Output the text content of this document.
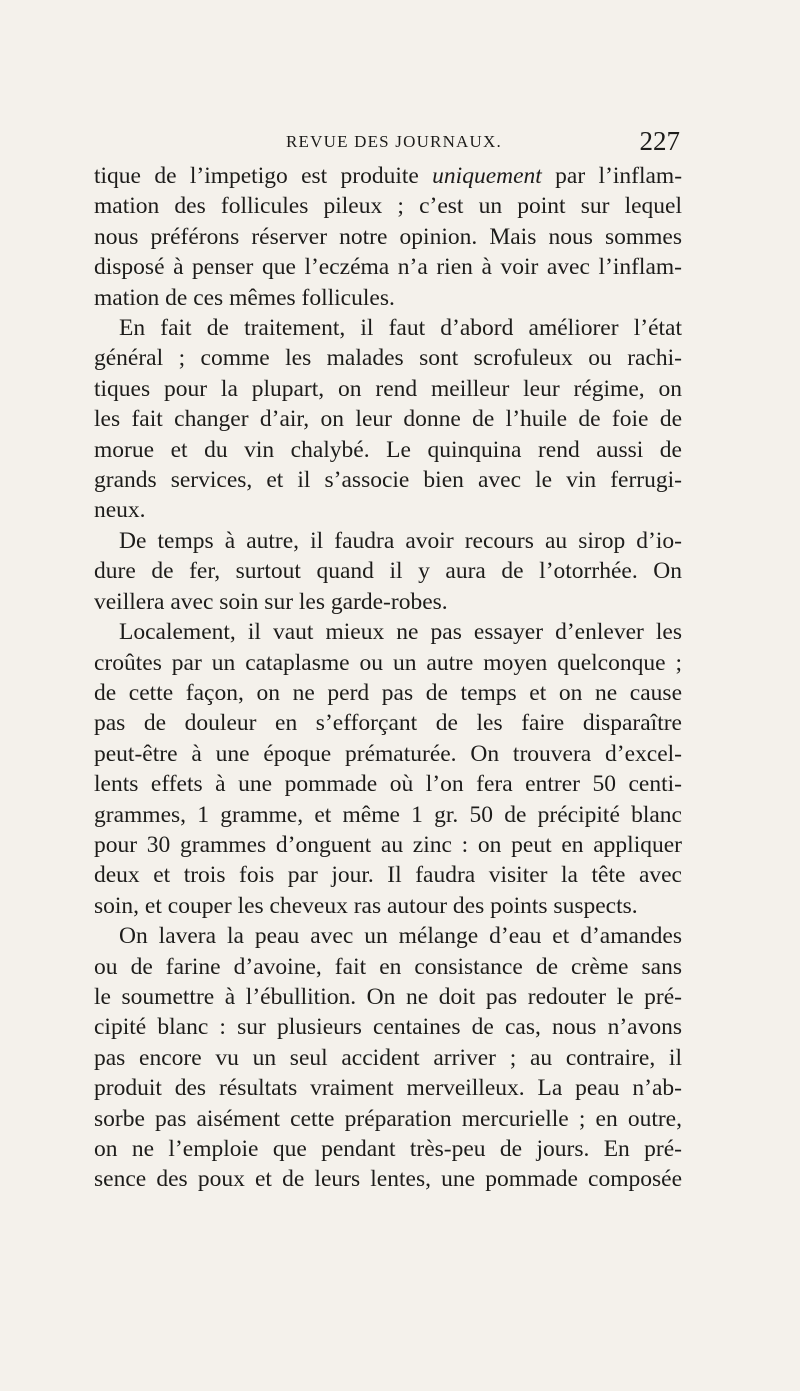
REVUE DES JOURNAUX.	227

tique de l’impetigo est produite uniquement par l’inflam-
mation des follicules pileux ; c’est un point sur lequel
nous préférons réserver notre opinion. Mais nous sommes
disposé à penser que l’eczéma n’a rien à voir avec l’inflam-
mation de ces mêmes follicules.

En fait de traitement, il faut d’abord améliorer l’état
général ; comme les malades sont scrofuleux ou rachi-
tiques pour la plupart, on rend meilleur leur régime, on
les fait changer d’air, on leur donne de l’huile de foie de
morue et du vin chalybé. Le quinquina rend aussi de
grands services, et il s’associe bien avec le vin ferrugi-
neux.

De temps à autre, il faudra avoir recours au sirop d’io-
dure de fer, surtout quand il y aura de l’otorrhée. On
veillera avec soin sur les garde-robes.

Localement, il vaut mieux ne pas essayer d’enlever les
croûtes par un cataplasme ou un autre moyen quelconque ;
de cette façon, on ne perd pas de temps et on ne cause
pas de douleur en s’efforçant de les faire disparaître
peut-être à une époque prématurée. On trouvera d’excel-
lents effets à une pommade où l’on fera entrer 50 centi-
grammes, 1 gramme, et même 1 gr. 50 de précipité blanc
pour 30 grammes d’onguent au zinc : on peut en appliquer
deux et trois fois par jour. Il faudra visiter la tête avec
soin, et couper les cheveux ras autour des points suspects.

On lavera la peau avec un mélange d’eau et d’amandes
ou de farine d’avoine, fait en consistance de crème sans
le soumettre à l’ébullition. On ne doit pas redouter le pré-
cipité blanc : sur plusieurs centaines de cas, nous n’avons
pas encore vu un seul accident arriver ; au contraire, il
produit des résultats vraiment merveilleux. La peau n’ab-
sorbe pas aisément cette préparation mercurielle ; en outre,
on ne l’emploie que pendant très-peu de jours. En pré-
sence des poux et de leurs lentes, une pommade composée
